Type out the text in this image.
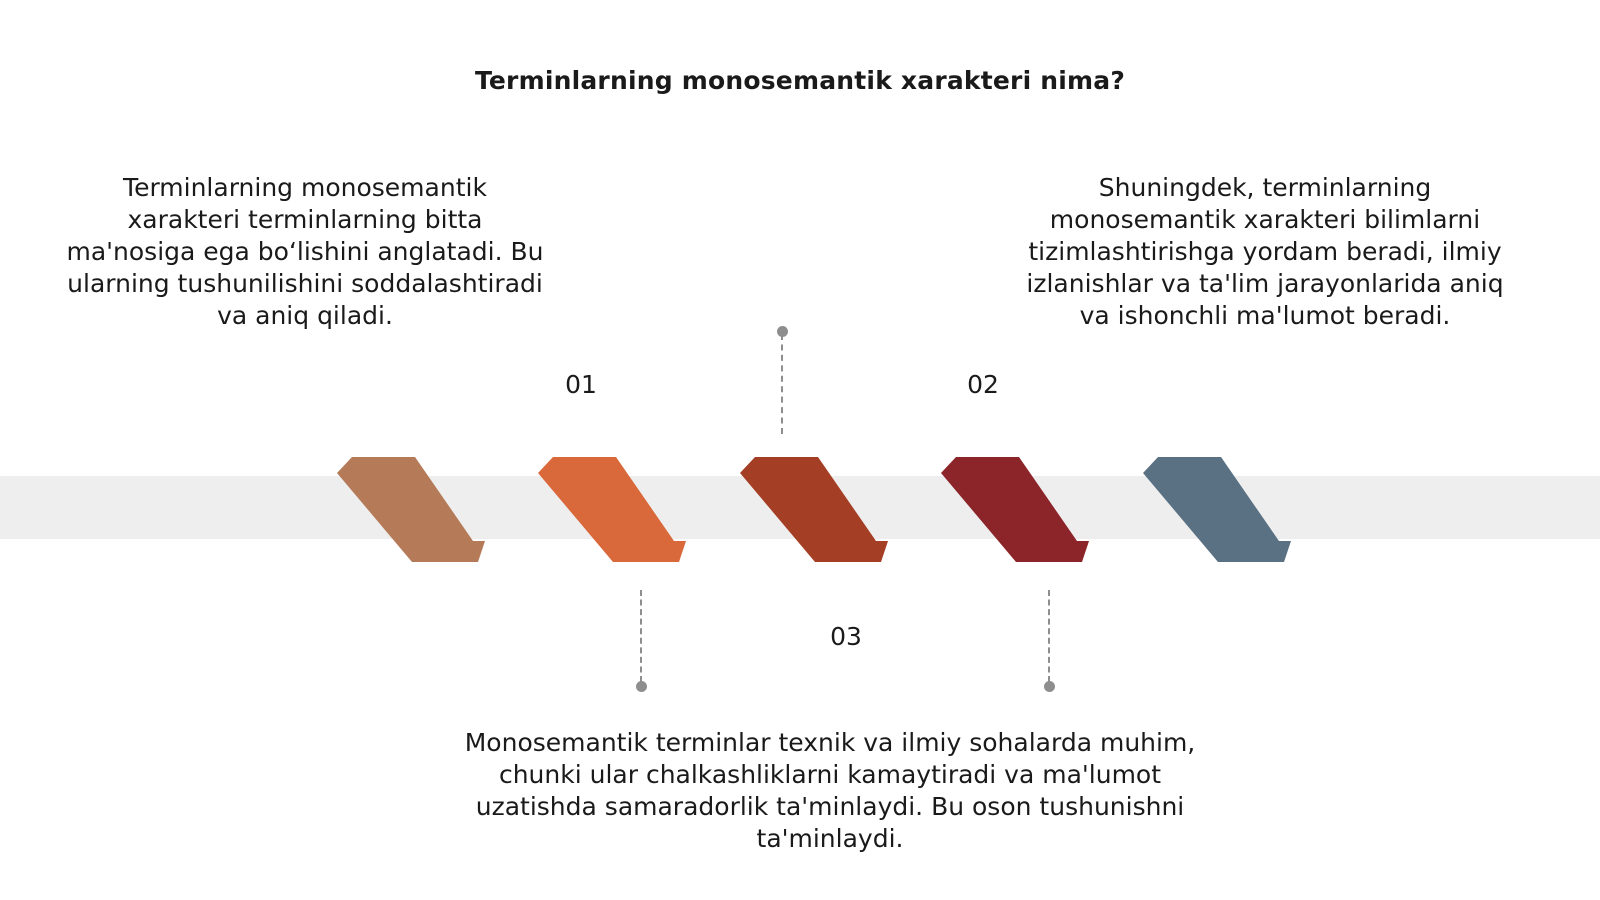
Terminlarning monosemantik xarakteri nima?
01	02
03
Terminlarning monosemantik xarakteri terminlarning bitta ma'nosiga ega bo‘lishini anglatadi. Bu ularning tushunilishini soddalashtiradi va aniq qiladi.
Shuningdek, terminlarning monosemantik xarakteri bilimlarni tizimlashtirishga yordam beradi, ilmiy izlanishlar va ta'lim jarayonlarida aniq va ishonchli ma'lumot beradi.
Monosemantik terminlar texnik va ilmiy sohalarda muhim, chunki ular chalkashliklarni kamaytiradi va ma'lumot uzatishda samaradorlik ta'minlaydi. Bu oson tushunishni ta'minlaydi.
